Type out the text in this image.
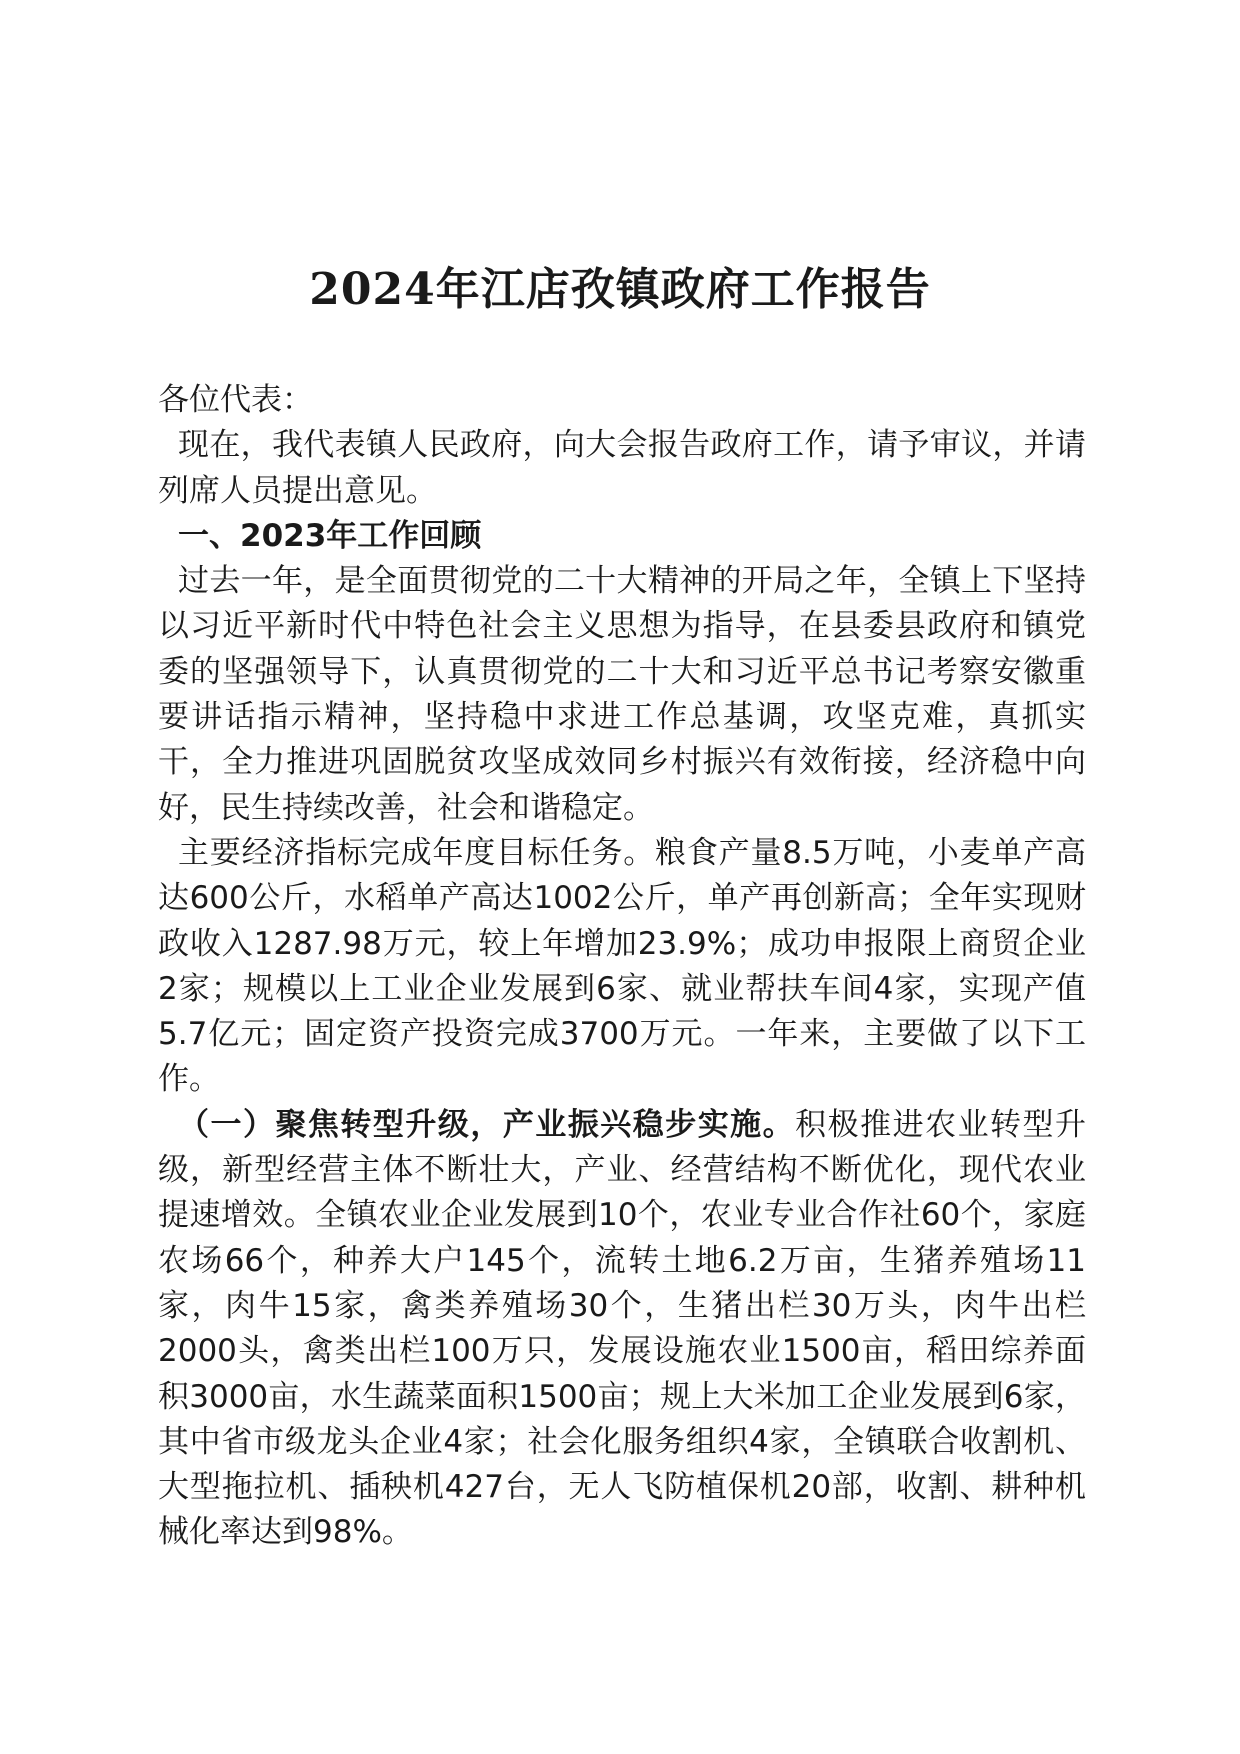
2024年江店孜镇政府工作报告

各位代表：

现在，我代表镇人民政府，向大会报告政府工作，请予审议，并请列席人员提出意见。

一、2023年工作回顾

过去一年，是全面贯彻党的二十大精神的开局之年，全镇上下坚持以习近平新时代中特色社会主义思想为指导，在县委县政府和镇党委的坚强领导下，认真贯彻党的二十大和习近平总书记考察安徽重要讲话指示精神，坚持稳中求进工作总基调，攻坚克难，真抓实干，全力推进巩固脱贫攻坚成效同乡村振兴有效衔接，经济稳中向好，民生持续改善，社会和谐稳定。

主要经济指标完成年度目标任务。粮食产量8.5万吨，小麦单产高达600公斤，水稻单产高达1002公斤，单产再创新高；全年实现财政收入1287.98万元，较上年增加23.9%；成功申报限上商贸企业2家；规模以上工业企业发展到6家、就业帮扶车间4家，实现产值5.7亿元；固定资产投资完成3700万元。一年来，主要做了以下工作。

（一）聚焦转型升级，产业振兴稳步实施。积极推进农业转型升级，新型经营主体不断壮大，产业、经营结构不断优化，现代农业提速增效。全镇农业企业发展到10个，农业专业合作社60个，家庭农场66个，种养大户145个，流转土地6.2万亩，生猪养殖场11家，肉牛15家，禽类养殖场30个，生猪出栏30万头，肉牛出栏2000头，禽类出栏100万只，发展设施农业1500亩，稻田综养面积3000亩，水生蔬菜面积1500亩；规上大米加工企业发展到6家，其中省市级龙头企业4家；社会化服务组织4家，全镇联合收割机、大型拖拉机、插秧机427台，无人飞防植保机20部，收割、耕种机械化率达到98%。
